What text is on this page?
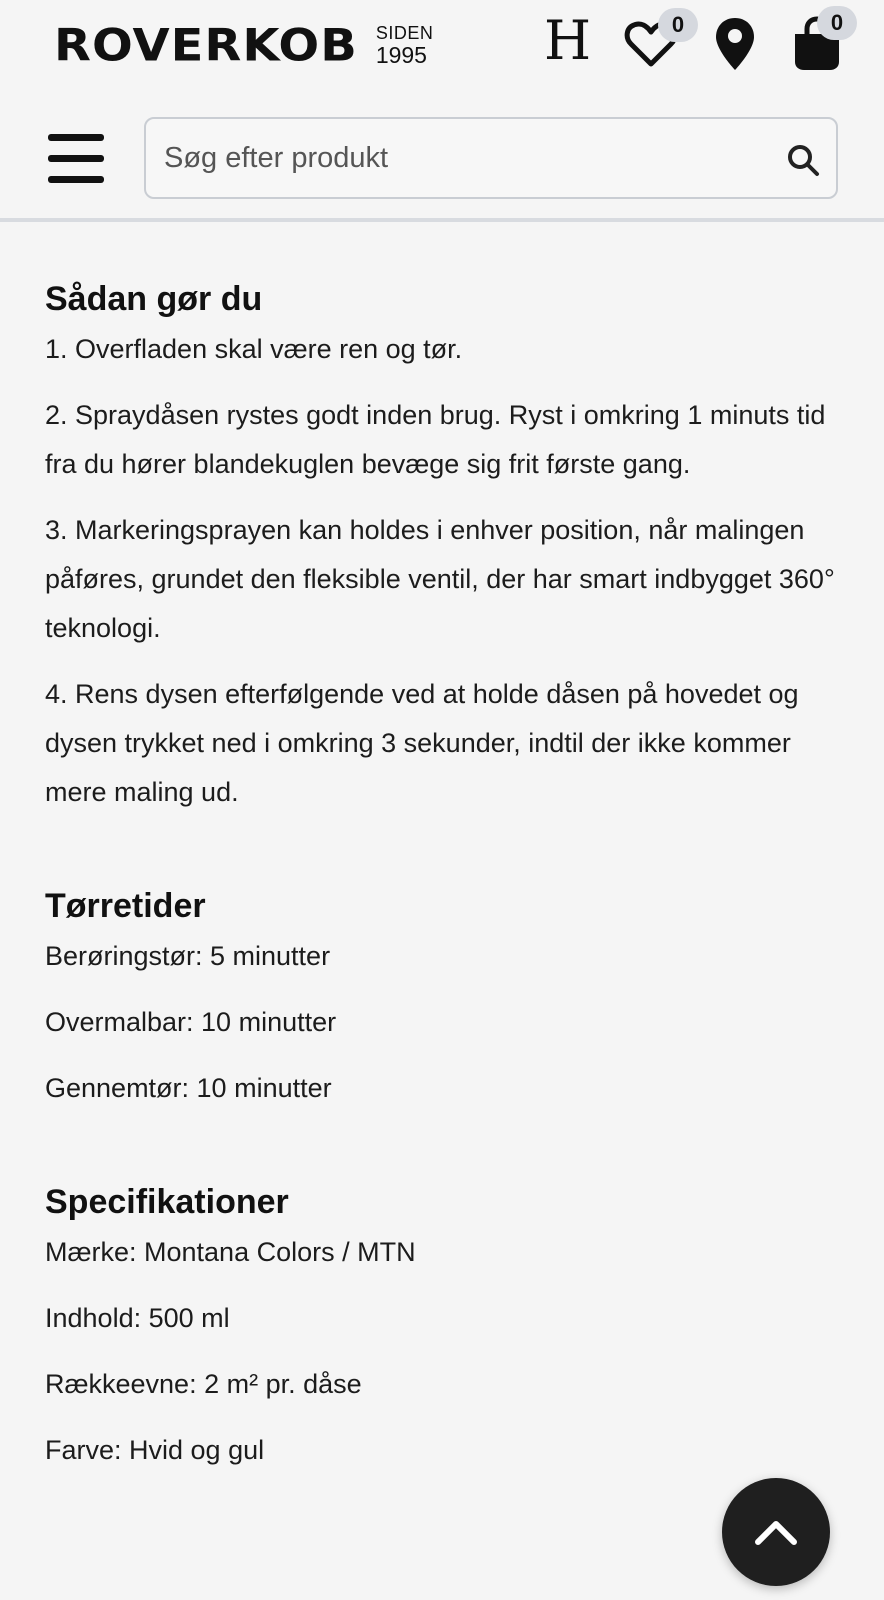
ROVERKOB SIDEN
1995 H	0	0
Søg efter produkt
Sådan gør du

1. Overfladen skal være ren og tør.

2. Spraydåsen rystes godt inden brug. Ryst i omkring 1 minuts tid fra du hører blandekuglen bevæge sig frit første gang.

3. Markeringsprayen kan holdes i enhver position, når malingen påføres, grundet den fleksible ventil, der har smart indbygget 360° teknologi.

4. Rens dysen efterfølgende ved at holde dåsen på hovedet og dysen trykket ned i omkring 3 sekunder, indtil der ikke kommer mere maling ud.

Tørretider

Berøringstør: 5 minutter

Overmalbar: 10 minutter

Gennemtør: 10 minutter

Specifikationer

Mærke: Montana Colors / MTN

Indhold: 500 ml

Rækkeevne: 2 m² pr. dåse

Farve: Hvid og gul
